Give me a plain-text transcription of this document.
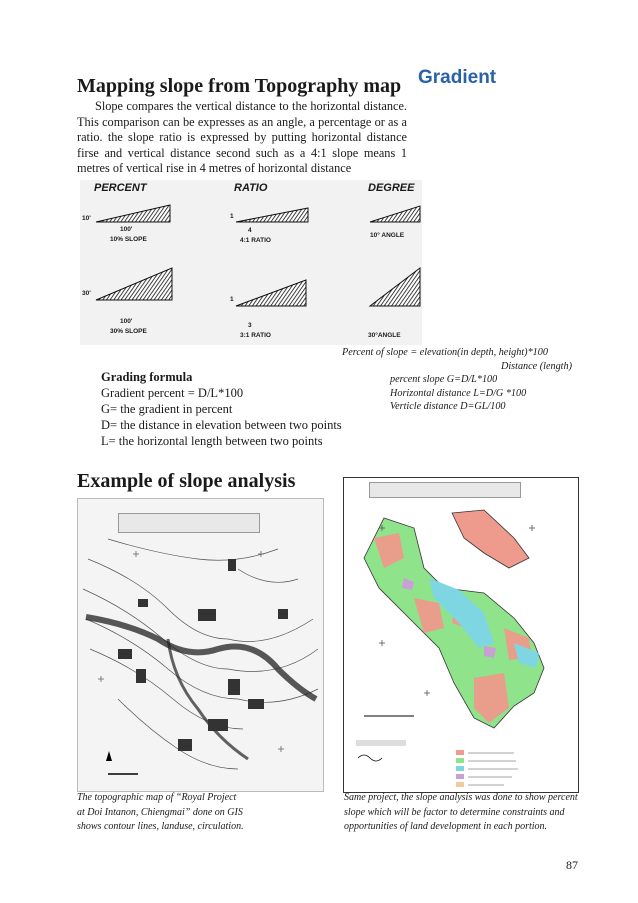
Mapping slope from Topography map Gradient

Slope compares the vertical distance to the horizontal distance. This comparison can be expresses as an angle, a percentage or as a ratio. the slope ratio is expressed by putting horizontal distance firse and vertical distance second such as a 4:1 slope means 1 metres of vertical rise in 4 metres of horizontal distance

PERCENT	RATIO	DEGREE
10'
100'
10% SLOPE
30'
100'
30% SLOPE
1
4
4:1 RATIO
1
3
3:1 RATIO
10° ANGLE
30°ANGLE
Percent of slope = elevation(in depth, height)*100
Distance (length)
percent slope G=D/L*100
Horizontal distance L=D/G *100
Verticle distance D=GL/100
Grading formula
Gradient percent = D/L*100
G= the gradient in percent
D= the distance in elevation between two points
L= the horizontal length between two points
Example of slope analysis
The topographic map of “Royal Project at Doi Intanon, Chiengmai” done on GIS shows contour lines, landuse, circulation.
Same project, the slope analysis was done to show percent slope which will be factor to determine constraints and opportunities of land development in each portion.
87
